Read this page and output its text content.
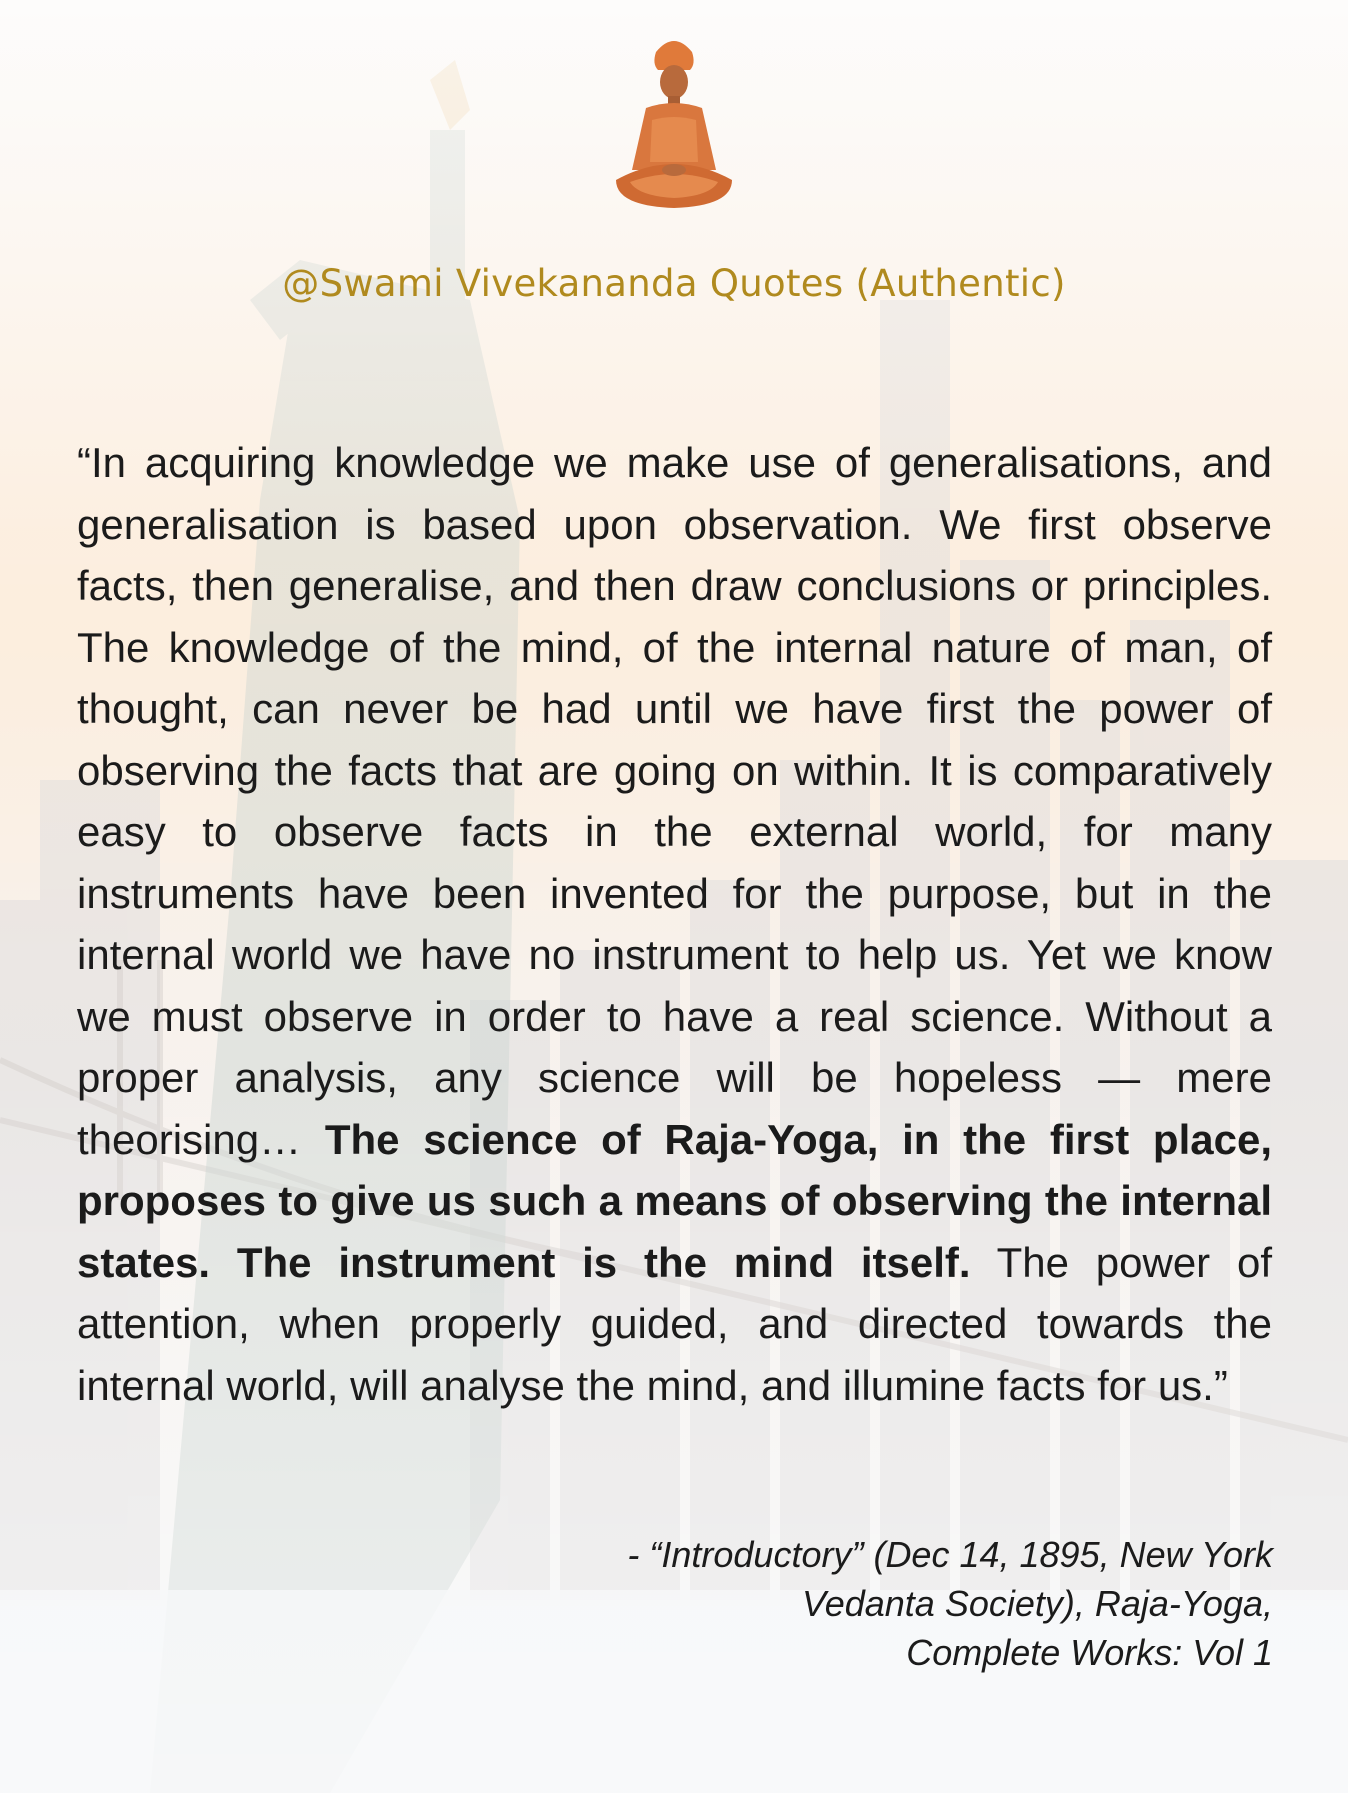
@Swami Vivekananda Quotes (Authentic)

“In acquiring knowledge we make use of generalisations, and generalisation is based upon observation. We first observe facts, then generalise, and then draw conclusions or principles. The knowledge of the mind, of the internal nature of man, of thought, can never be had until we have first the power of observing the facts that are going on within. It is comparatively easy to observe facts in the external world, for many instruments have been invented for the purpose, but in the internal world we have no instrument to help us. Yet we know we must observe in order to have a real science. Without a proper analysis, any science will be hopeless — mere theorising… The science of Raja-Yoga, in the first place, proposes to give us such a means of observing the internal states. The instrument is the mind itself. The power of attention, when properly guided, and directed towards the internal world, will analyse the mind, and illumine facts for us.”

- “Introductory” (Dec 14, 1895, New York
Vedanta Society), Raja-Yoga,
Complete Works: Vol 1
